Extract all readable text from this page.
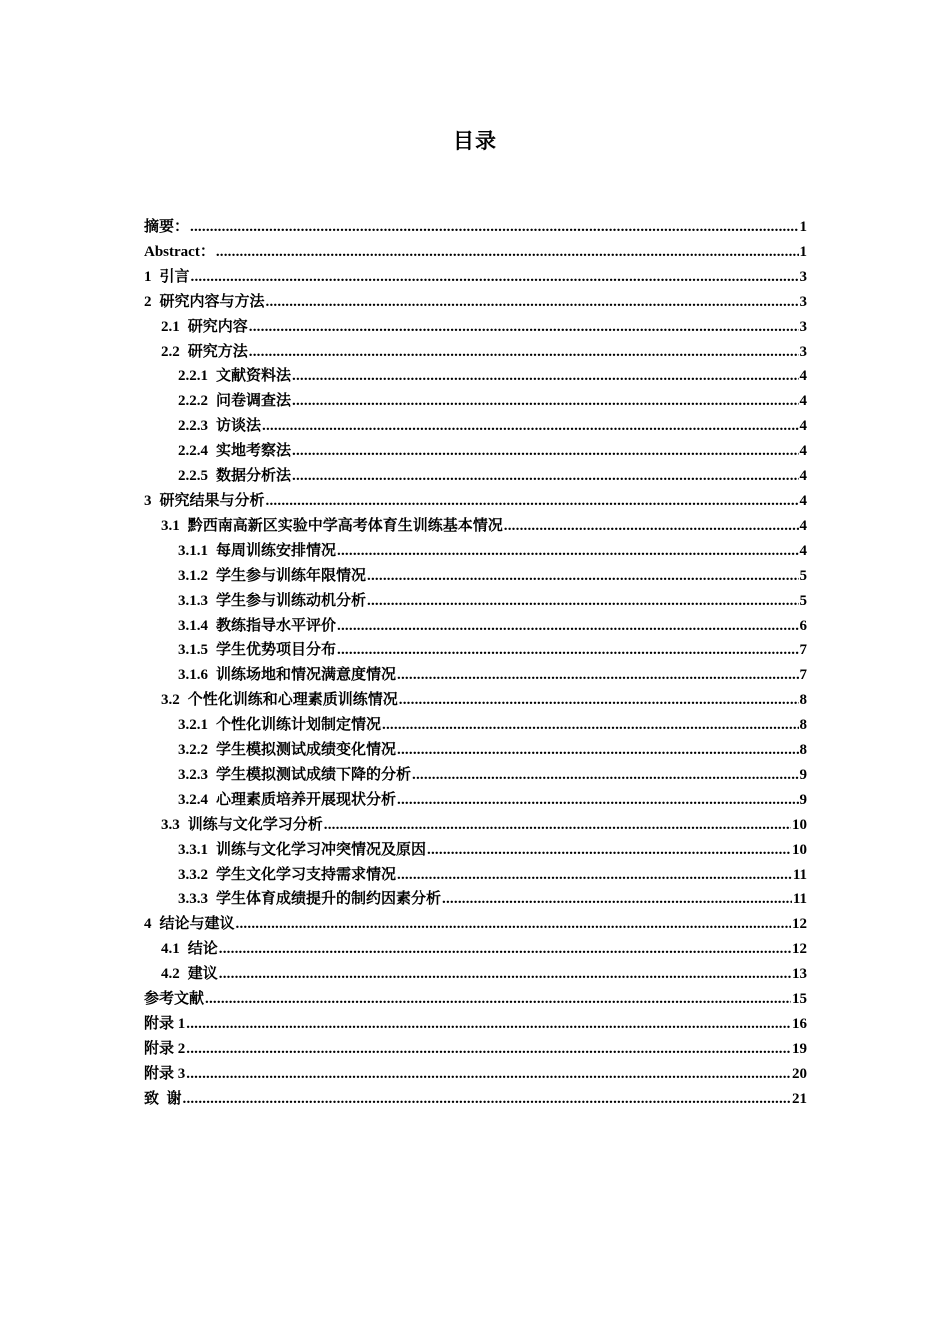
目录
摘要： .....	1
Abstract： .....	1
1 引言 .....	3
2 研究内容与方法 .....	3
2.1 研究内容 .....	3
2.2 研究方法 .....	3
2.2.1 文献资料法 .....	4
2.2.2 问卷调查法 .....	4
2.2.3 访谈法 .....	4
2.2.4 实地考察法 .....	4
2.2.5 数据分析法 .....	4
3 研究结果与分析 .....	4
3.1 黔西南高新区实验中学高考体育生训练基本情况 .....	4
3.1.1 每周训练安排情况 .....	4
3.1.2 学生参与训练年限情况 .....	5
3.1.3 学生参与训练动机分析 .....	5
3.1.4 教练指导水平评价 .....	6
3.1.5 学生优势项目分布 .....	7
3.1.6 训练场地和情况满意度情况 .....	7
3.2 个性化训练和心理素质训练情况 .....	8
3.2.1 个性化训练计划制定情况 .....	8
3.2.2 学生模拟测试成绩变化情况 .....	8
3.2.3 学生模拟测试成绩下降的分析 .....	9
3.2.4 心理素质培养开展现状分析 .....	9
3.3 训练与文化学习分析 .....	10
3.3.1 训练与文化学习冲突情况及原因 .....	10
3.3.2 学生文化学习支持需求情况 .....	11
3.3.3 学生体育成绩提升的制约因素分析 .....	11
4 结论与建议 .....	12
4.1 结论 .....	12
4.2 建议 .....	13
参考文献 .....	15
附录 1 .....	16
附录 2 .....	19
附录 3 .....	20
致  谢 .....	21
